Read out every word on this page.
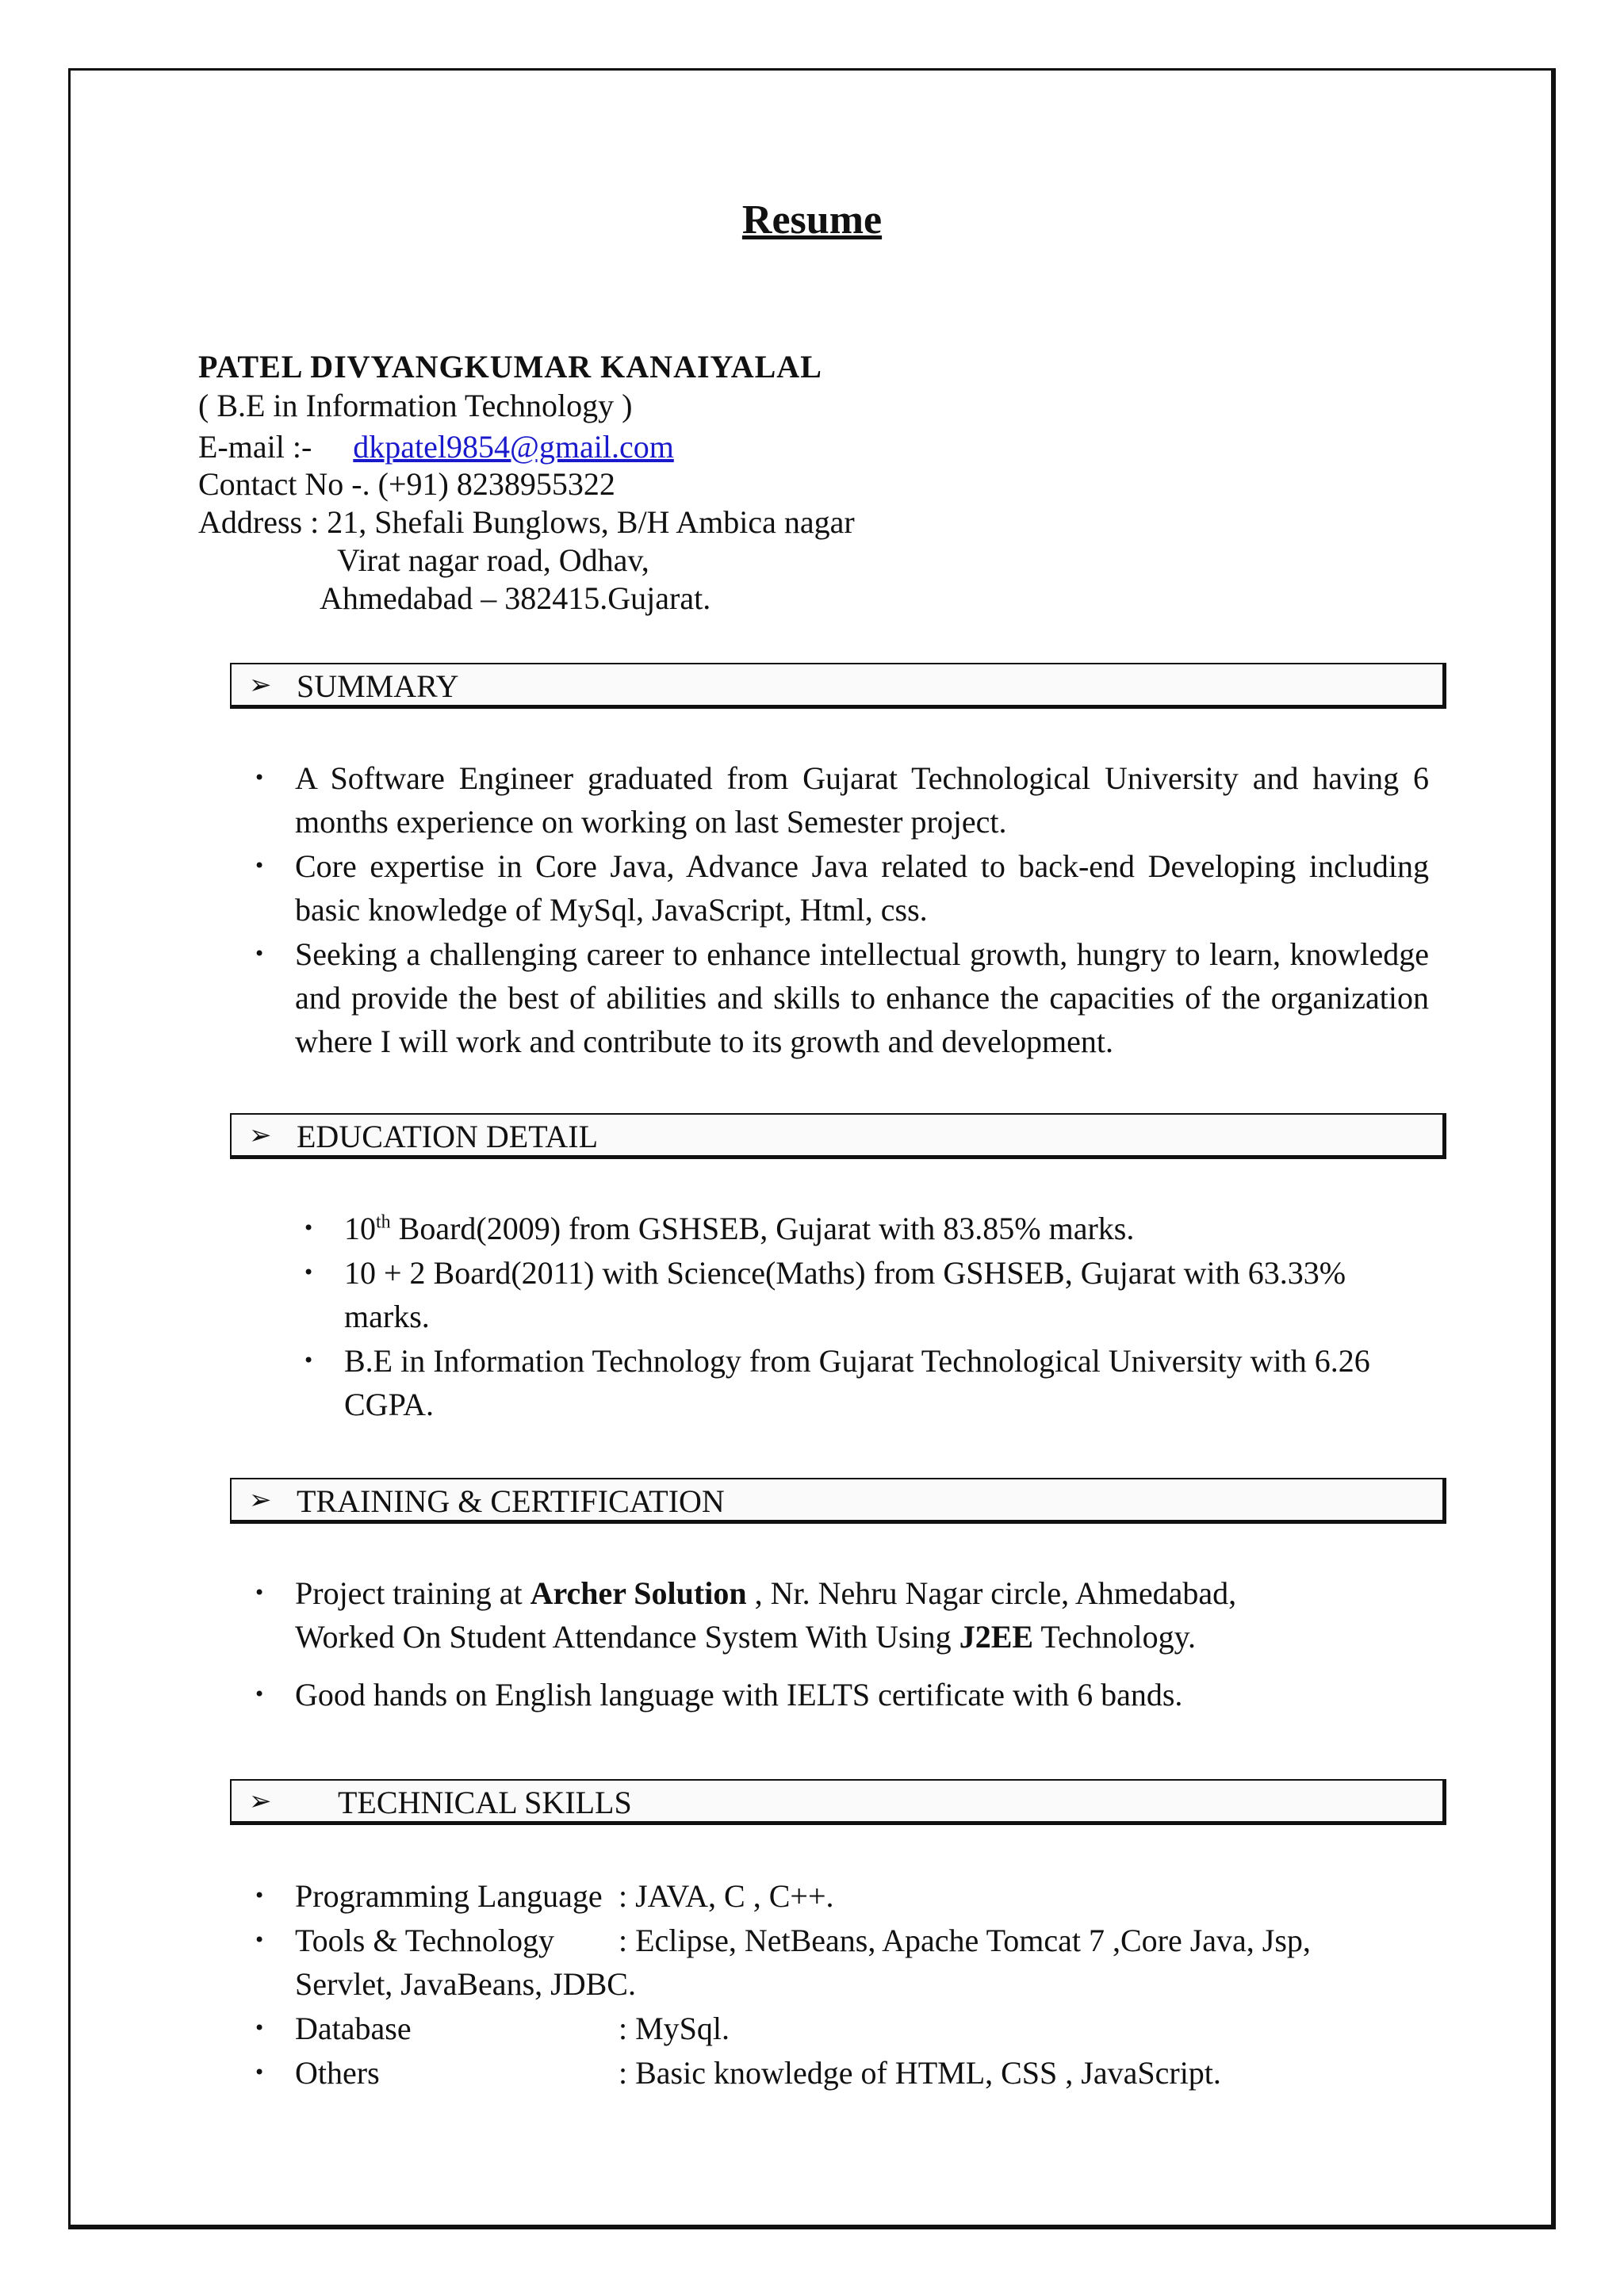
Resume
PATEL DIVYANGKUMAR KANAIYALAL
( B.E in Information Technology )
E-mail :- dkpatel9854@gmail.com
Contact No -. (+91) 8238955322
Address : 21, Shefali Bunglows, B/H Ambica nagar
Virat nagar road, Odhav,
Ahmedabad – 382415.Gujarat.
➢ SUMMARY
• A Software Engineer graduated from Gujarat Technological University and having 6 months experience on working on last Semester project.
• Core expertise in Core Java, Advance Java related to back-end Developing including basic knowledge of MySql, JavaScript, Html, css.
• Seeking a challenging career to enhance intellectual growth, hungry to learn, knowledge and provide the best of abilities and skills to enhance the capacities of the organization where I will work and contribute to its growth and development.
➢ EDUCATION DETAIL
• 10th Board(2009) from GSHSEB, Gujarat with 83.85% marks.
• 10 + 2 Board(2011) with Science(Maths) from GSHSEB, Gujarat with 63.33% marks.
• B.E in Information Technology from Gujarat Technological University with 6.26 CGPA.
➢ TRAINING & CERTIFICATION
• Project training at Archer Solution , Nr. Nehru Nagar circle, Ahmedabad,
Worked On Student Attendance System With Using J2EE Technology.
• Good hands on English language with IELTS certificate with 6 bands.
➢ TECHNICAL SKILLS
• Programming Language : JAVA, C , C++.
• Tools & Technology	: Eclipse, NetBeans, Apache Tomcat 7 ,Core Java, Jsp,
Servlet, JavaBeans, JDBC.
• Database	: MySql.
• Others	: Basic knowledge of HTML, CSS , JavaScript.
